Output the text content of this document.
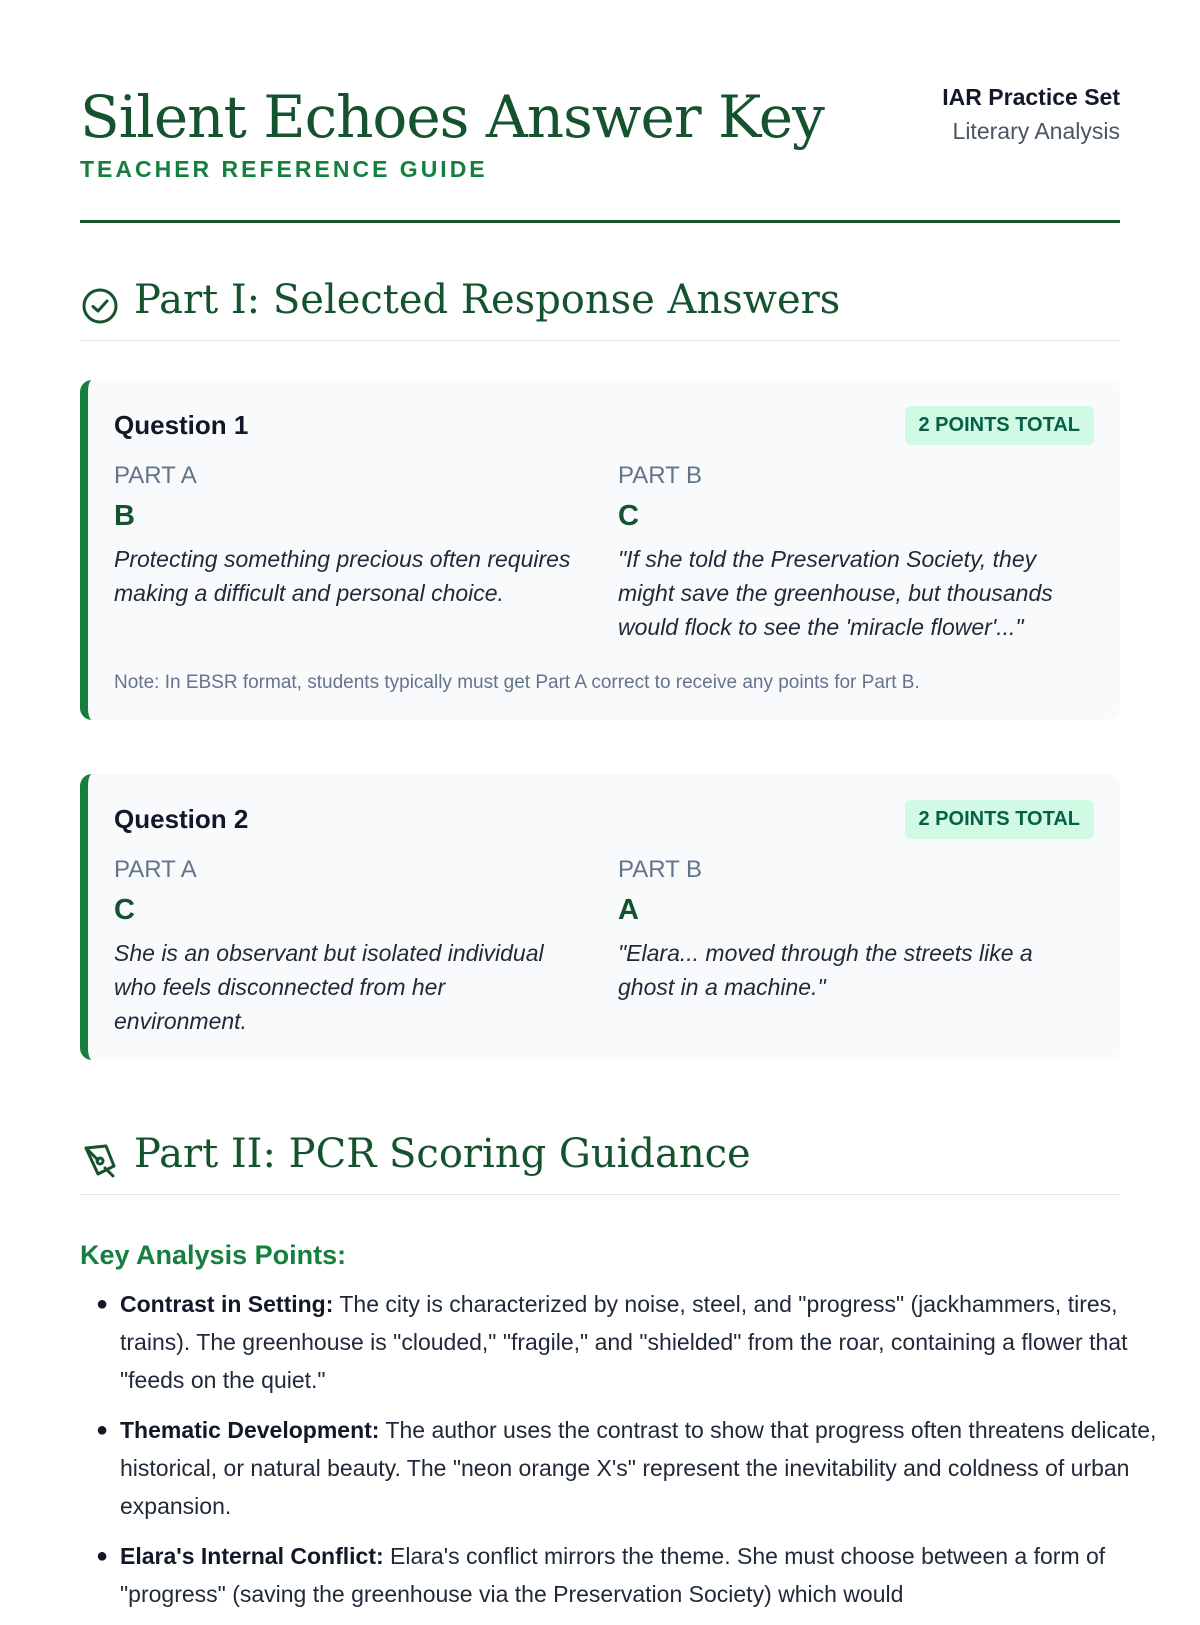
Silent Echoes Answer Key
TEACHER REFERENCE GUIDE
IAR Practice Set
Literary Analysis
Part I: Selected Response Answers
Question 1	2 POINTS TOTAL
PART A
B
Protecting something precious often requires making a difficult and personal choice.
PART B
C
"If she told the Preservation Society, they might save the greenhouse, but thousands would flock to see the 'miracle flower'..."
Note: In EBSR format, students typically must get Part A correct to receive any points for Part B.
Question 2	2 POINTS TOTAL
PART A
C
She is an observant but isolated individual who feels disconnected from her environment.
PART B
A
"Elara... moved through the streets like a ghost in a machine."
Part II: PCR Scoring Guidance
Key Analysis Points:
● Contrast in Setting: The city is characterized by noise, steel, and "progress" (jackhammers, tires, trains). The greenhouse is "clouded," "fragile," and "shielded" from the roar, containing a flower that "feeds on the quiet."
● Thematic Development: The author uses the contrast to show that progress often threatens delicate, historical, or natural beauty. The "neon orange X's" represent the inevitability and coldness of urban expansion.
● Elara's Internal Conflict: Elara's conflict mirrors the theme. She must choose between a form of "progress" (saving the greenhouse via the Preservation Society) which would
